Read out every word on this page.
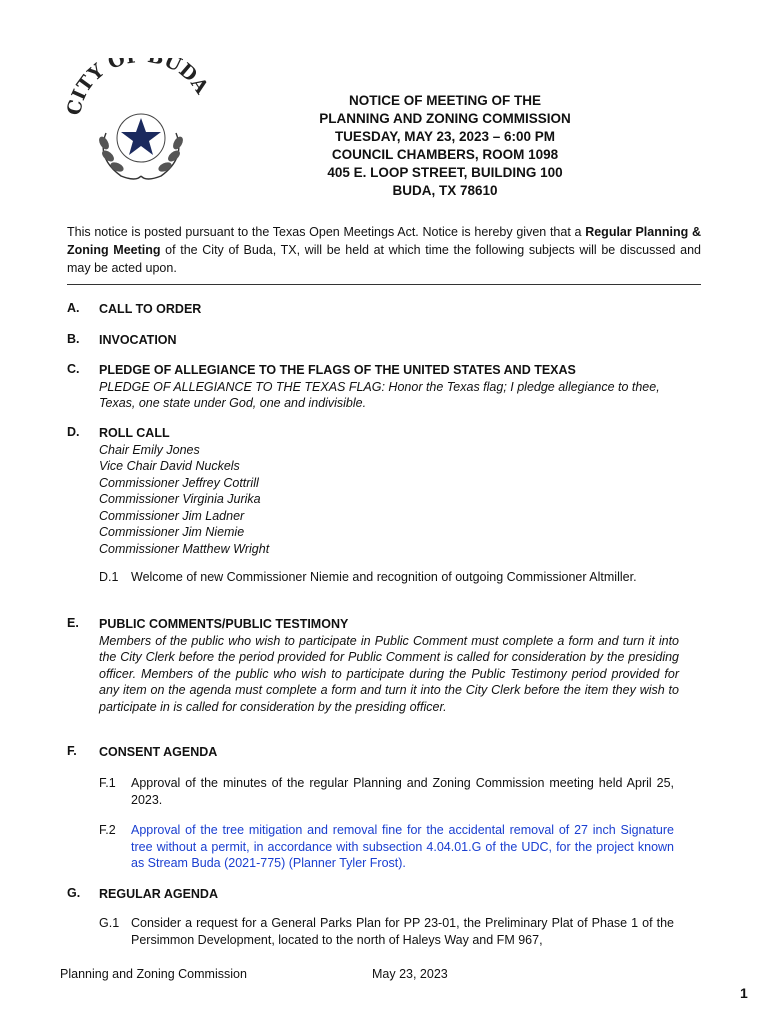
ITY O UDA
NOTICE OF MEETING OF THE
PLANNING AND ZONING COMMISSION
TUESDAY, MAY 23, 2023 – 6:00 PM
COUNCIL CHAMBERS, ROOM 1098
405 E. LOOP STREET, BUILDING 100
BUDA, TX 78610
This notice is posted pursuant to the Texas Open Meetings Act. Notice is hereby given that a Regular Planning & Zoning Meeting of the City of Buda, TX, will be held at which time the following subjects will be discussed and may be acted upon.
A. CALL TO ORDER
B. INVOCATION
C. PLEDGE OF ALLEGIANCE TO THE FLAGS OF THE UNITED STATES AND TEXAS
PLEDGE OF ALLEGIANCE TO THE TEXAS FLAG: Honor the Texas flag; I pledge allegiance to thee, Texas, one state under God, one and indivisible.
D. ROLL CALL
Chair Emily Jones
Vice Chair David Nuckels
Commissioner Jeffrey Cottrill
Commissioner Virginia Jurika
Commissioner Jim Ladner
Commissioner Jim Niemie
Commissioner Matthew Wright
D.1 Welcome of new Commissioner Niemie and recognition of outgoing Commissioner Altmiller.
E. PUBLIC COMMENTS/PUBLIC TESTIMONY
Members of the public who wish to participate in Public Comment must complete a form and turn it into the City Clerk before the period provided for Public Comment is called for consideration by the presiding officer. Members of the public who wish to participate during the Public Testimony period provided for any item on the agenda must complete a form and turn it into the City Clerk before the item they wish to participate in is called for consideration by the presiding officer.
F. CONSENT AGENDA
F.1 Approval of the minutes of the regular Planning and Zoning Commission meeting held April 25, 2023.
F.2 Approval of the tree mitigation and removal fine for the accidental removal of 27 inch Signature tree without a permit, in accordance with subsection 4.04.01.G of the UDC, for the project known as Stream Buda (2021-775) (Planner Tyler Frost).
G. REGULAR AGENDA
G.1 Consider a request for a General Parks Plan for PP 23-01, the Preliminary Plat of Phase 1 of the Persimmon Development, located to the north of Haleys Way and FM 967,
Planning and Zoning Commission	May 23, 2023
1
